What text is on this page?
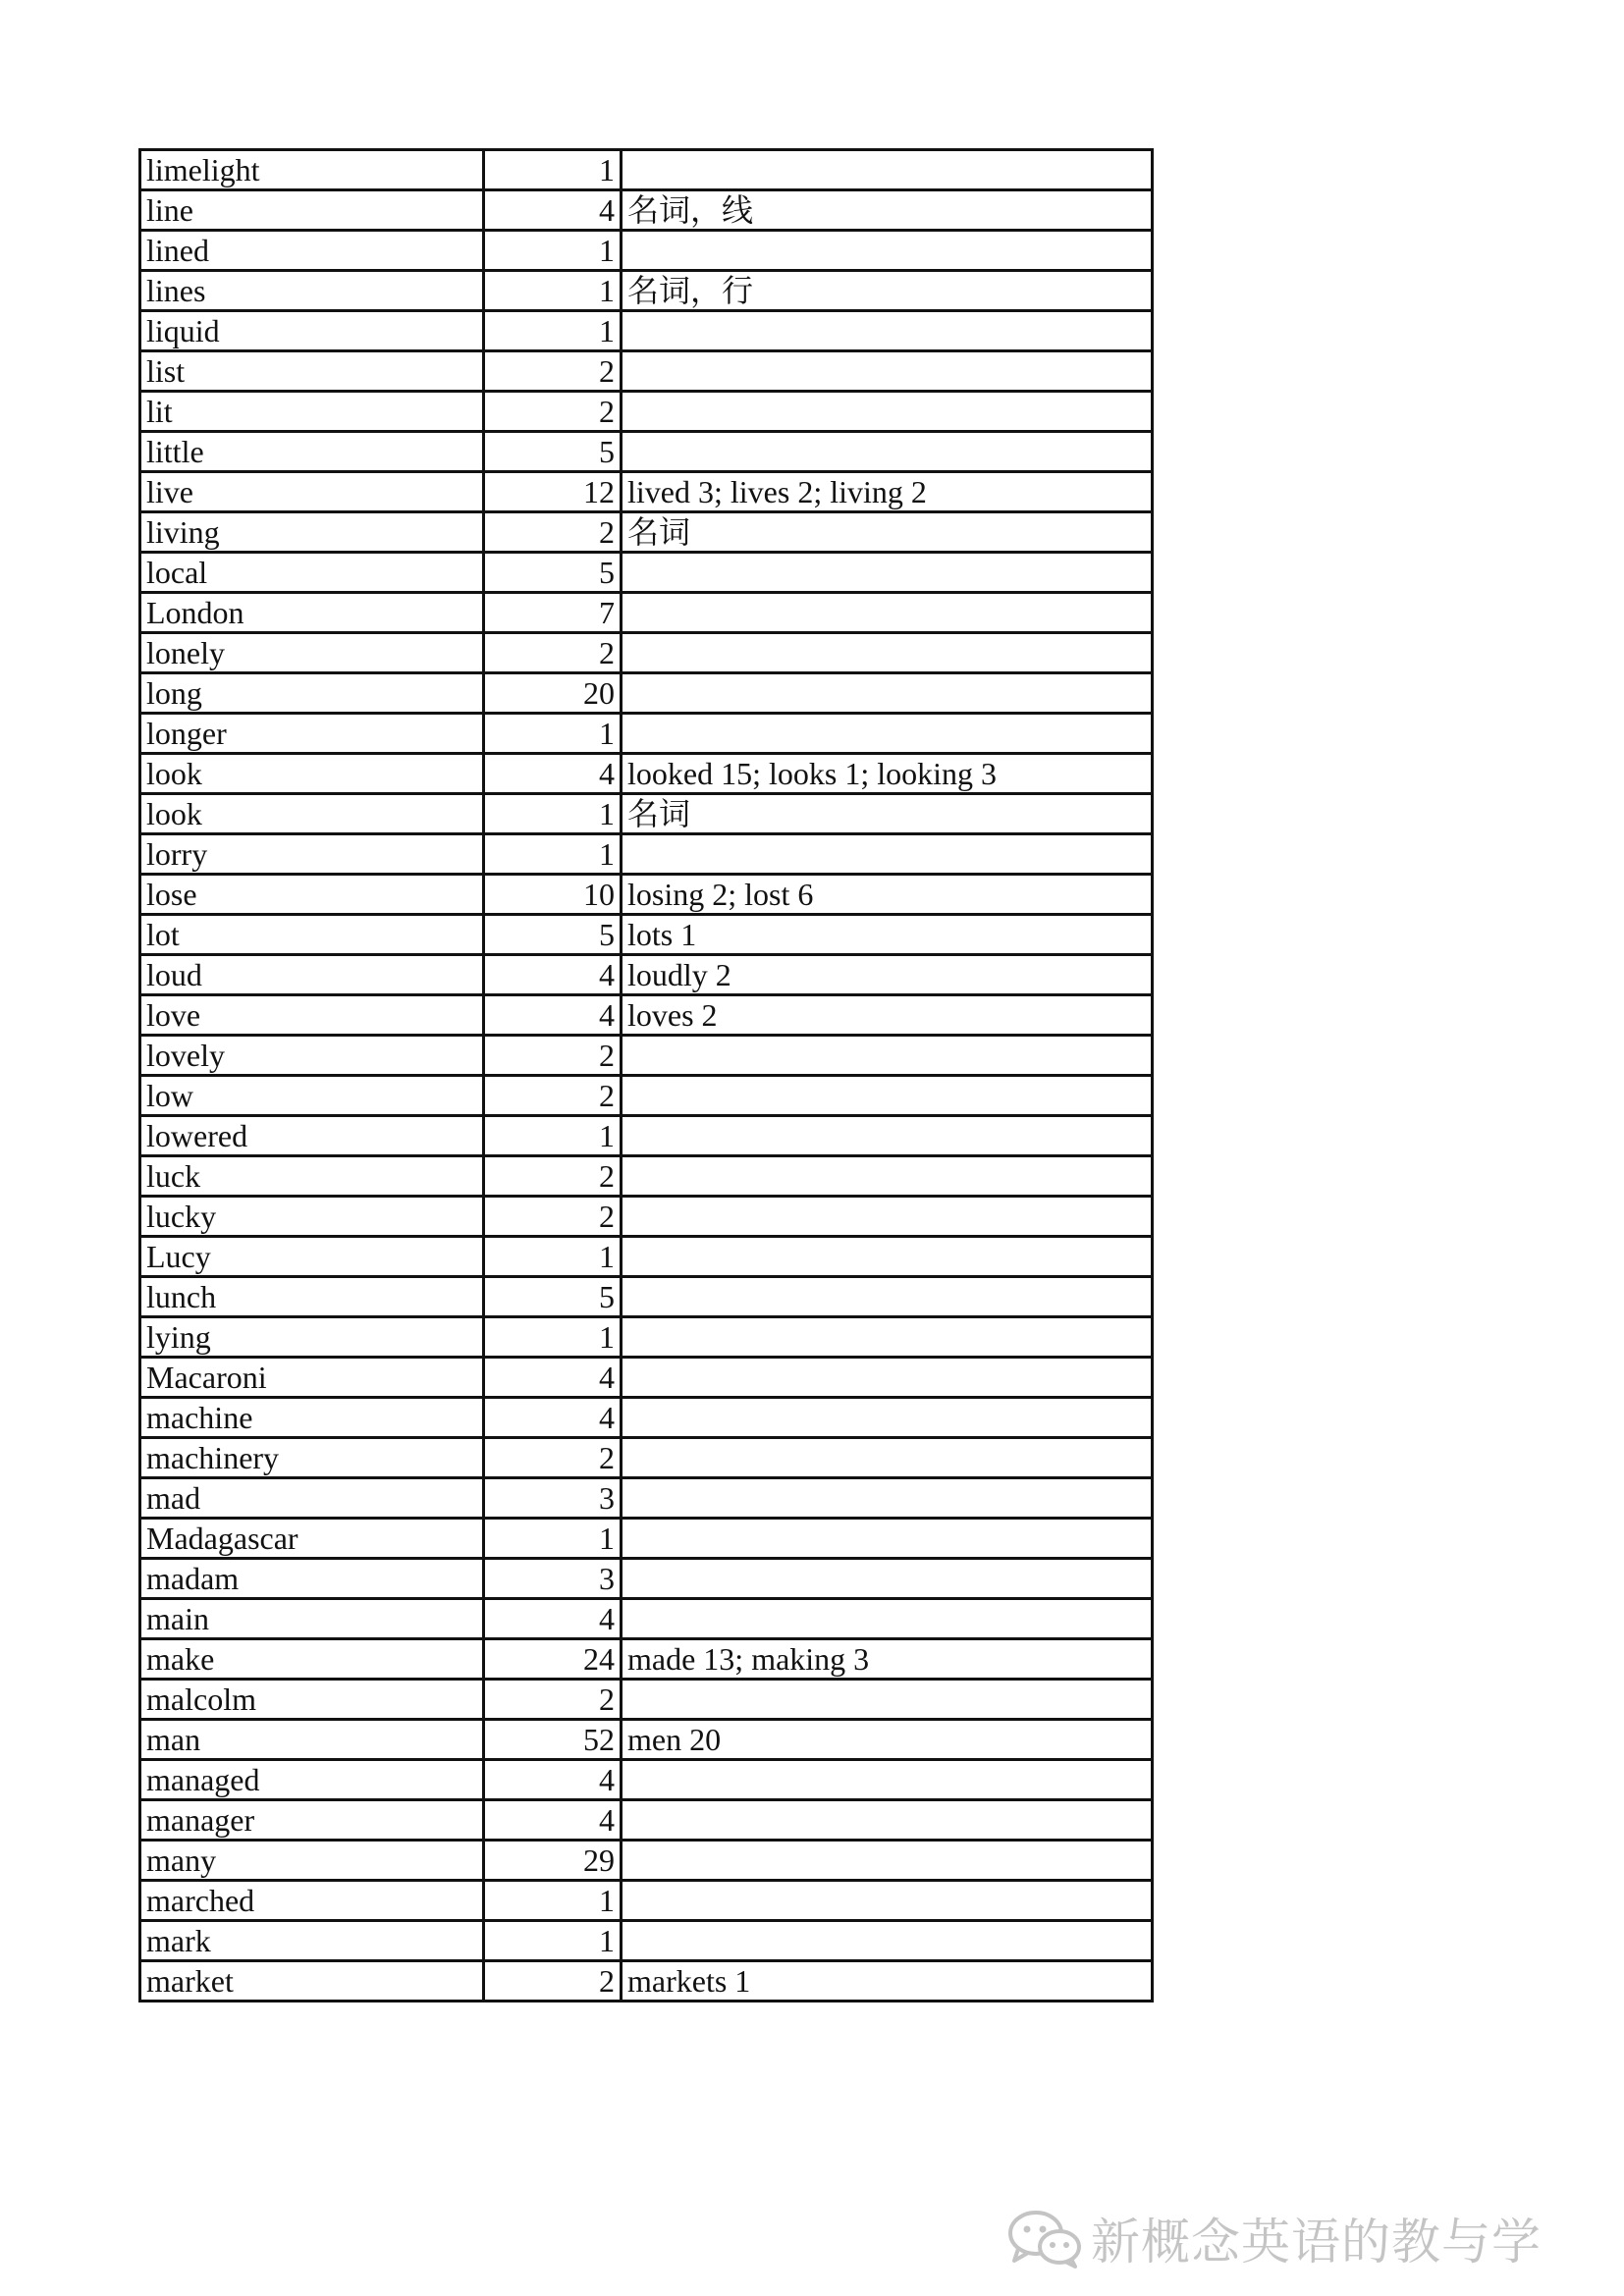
limelight	1	
line	4	名词，线
lined	1	
lines	1	名词，行
liquid	1	
list	2	
lit	2	
little	5	
live	12	lived 3; lives 2; living 2
living	2	名词
local	5	
London	7	
lonely	2	
long	20	
longer	1	
look	4	looked 15; looks 1; looking 3
look	1	名词
lorry	1	
lose	10	losing 2; lost 6
lot	5	lots 1
loud	4	loudly 2
love	4	loves 2
lovely	2	
low	2	
lowered	1	
luck	2	
lucky	2	
Lucy	1	
lunch	5	
lying	1	
Macaroni	4	
machine	4	
machinery	2	
mad	3	
Madagascar	1	
madam	3	
main	4	
make	24	made 13; making 3
malcolm	2	
man	52	men 20
managed	4	
manager	4	
many	29	
marched	1	
mark	1	
market	2	markets 1
新概念英语的教与学
